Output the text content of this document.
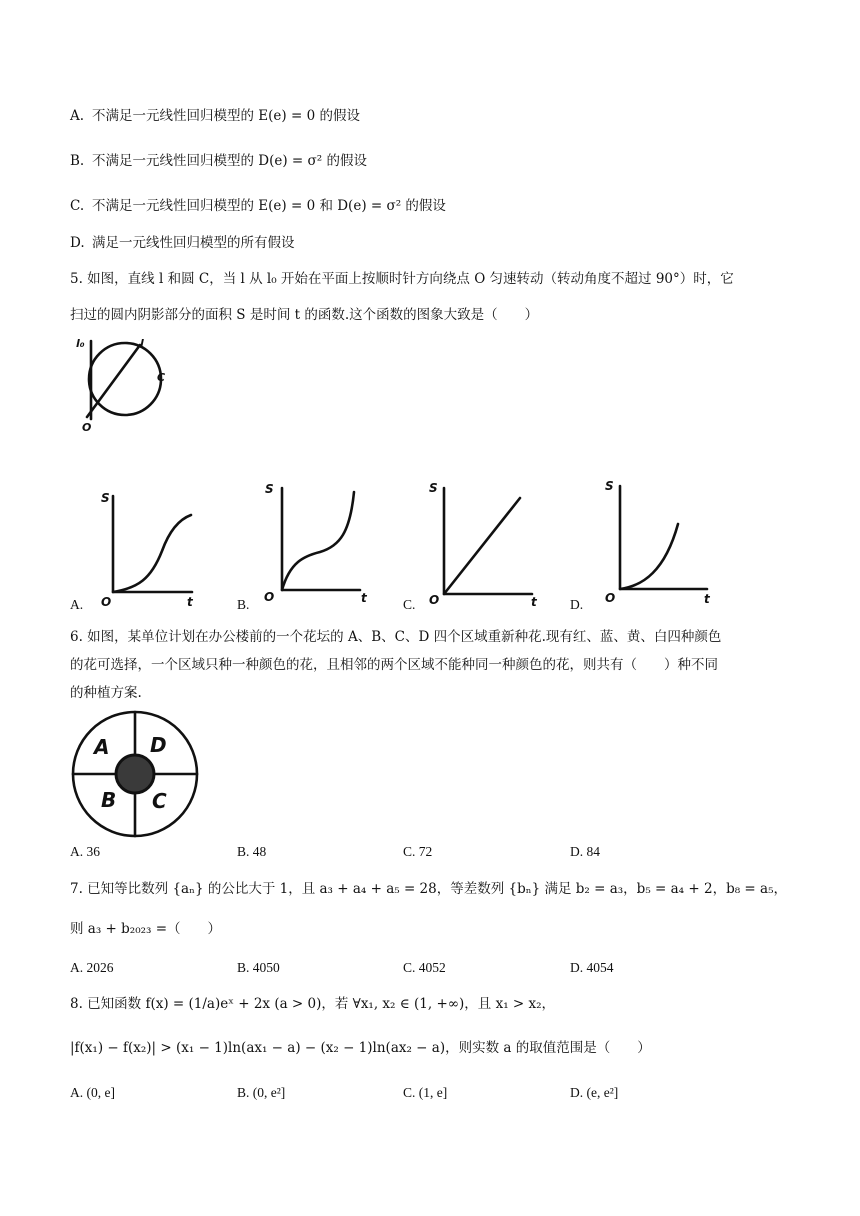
A. 不满足一元线性回归模型的 E(e) = 0 的假设
B. 不满足一元线性回归模型的 D(e) = σ² 的假设
C. 不满足一元线性回归模型的 E(e) = 0 和 D(e) = σ² 的假设
D. 满足一元线性回归模型的所有假设
5. 如图，直线 l 和圆 C，当 l 从 l₀ 开始在平面上按顺时针方向绕点 O 匀速转动（转动角度不超过 90°）时，它
扫过的圆内阴影部分的面积 S 是时间 t 的函数.这个函数的图象大致是（　　）
l₀	l
C
O
S
O	t
A.
S
O	t
B.
S
O	t
C.
S
O	t
D.
6. 如图，某单位计划在办公楼前的一个花坛的 A、B、C、D 四个区域重新种花.现有红、蓝、黄、白四种颜色
的花可选择，一个区域只种一种颜色的花，且相邻的两个区域不能种同一种颜色的花，则共有（　　）种不同
的种植方案.
A D
B C
A. 36	B. 48	C. 72	D. 84
7. 已知等比数列 {aₙ} 的公比大于 1，且 a₃ + a₄ + a₅ = 28，等差数列 {bₙ} 满足 b₂ = a₃，b₅ = a₄ + 2，b₈ = a₅，
则 a₃ + b₂₀₂₃ =（　　）
A. 2026	B. 4050	C. 4052	D. 4054
8. 已知函数 f(x) = (1/a)eˣ + 2x (a > 0)，若 ∀x₁, x₂ ∈ (1, +∞)，且 x₁ > x₂，
|f(x₁) − f(x₂)| > (x₁ − 1)ln(ax₁ − a) − (x₂ − 1)ln(ax₂ − a)，则实数 a 的取值范围是（　　）
A. (0, e]	B. (0, e²]	C. (1, e]	D. (e, e²]
